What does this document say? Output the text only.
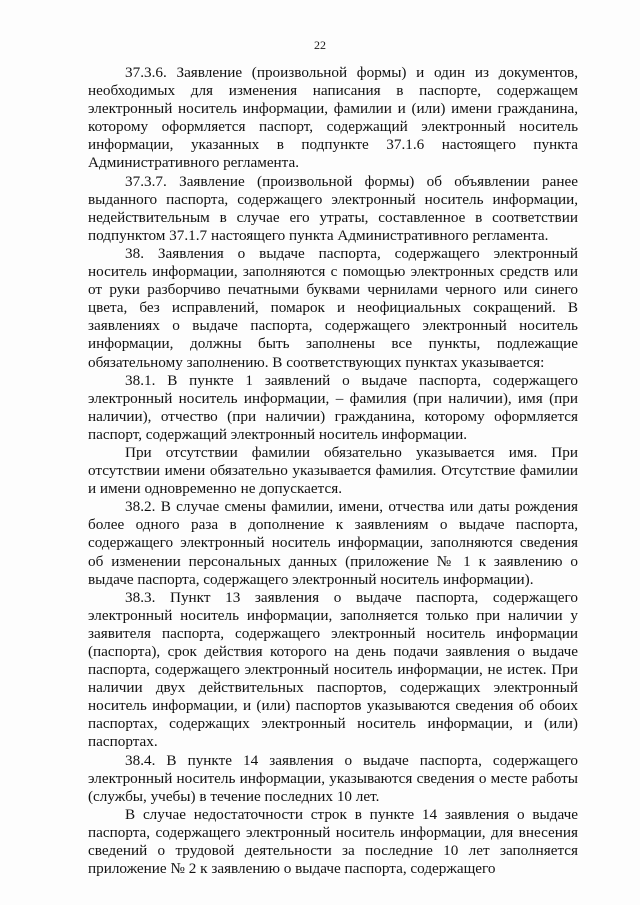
22

37.3.6. Заявление (произвольной формы) и один из документов, необходимых для изменения написания в паспорте, содержащем электронный носитель информации, фамилии и (или) имени гражданина, которому оформляется паспорт, содержащий электронный носитель информации, указанных в подпункте 37.1.6 настоящего пункта Административного регламента.

37.3.7. Заявление (произвольной формы) об объявлении ранее выданного паспорта, содержащего электронный носитель информации, недействительным в случае его утраты, составленное в соответствии подпунктом 37.1.7 настоящего пункта Административного регламента.

38. Заявления о выдаче паспорта, содержащего электронный носитель информации, заполняются с помощью электронных средств или от руки разборчиво печатными буквами чернилами черного или синего цвета, без исправлений, помарок и неофициальных сокращений. В заявлениях о выдаче паспорта, содержащего электронный носитель информации, должны быть заполнены все пункты, подлежащие обязательному заполнению. В соответствующих пунктах указывается:

38.1. В пункте 1 заявлений о выдаче паспорта, содержащего электронный носитель информации, – фамилия (при наличии), имя (при наличии), отчество (при наличии) гражданина, которому оформляется паспорт, содержащий электронный носитель информации.

При отсутствии фамилии обязательно указывается имя. При отсутствии имени обязательно указывается фамилия. Отсутствие фамилии и имени одновременно не допускается.

38.2. В случае смены фамилии, имени, отчества или даты рождения более одного раза в дополнение к заявлениям о выдаче паспорта, содержащего электронный носитель информации, заполняются сведения об изменении персональных данных (приложение № 1 к заявлению о выдаче паспорта, содержащего электронный носитель информации).

38.3. Пункт 13 заявления о выдаче паспорта, содержащего электронный носитель информации, заполняется только при наличии у заявителя паспорта, содержащего электронный носитель информации (паспорта), срок действия которого на день подачи заявления о выдаче паспорта, содержащего электронный носитель информации, не истек. При наличии двух действительных паспортов, содержащих электронный носитель информации, и (или) паспортов указываются сведения об обоих паспортах, содержащих электронный носитель информации, и (или) паспортах.

38.4. В пункте 14 заявления о выдаче паспорта, содержащего электронный носитель информации, указываются сведения о месте работы (службы, учебы) в течение последних 10 лет.

В случае недостаточности строк в пункте 14 заявления о выдаче паспорта, содержащего электронный носитель информации, для внесения сведений о трудовой деятельности за последние 10 лет заполняется приложение № 2 к заявлению о выдаче паспорта, содержащего
